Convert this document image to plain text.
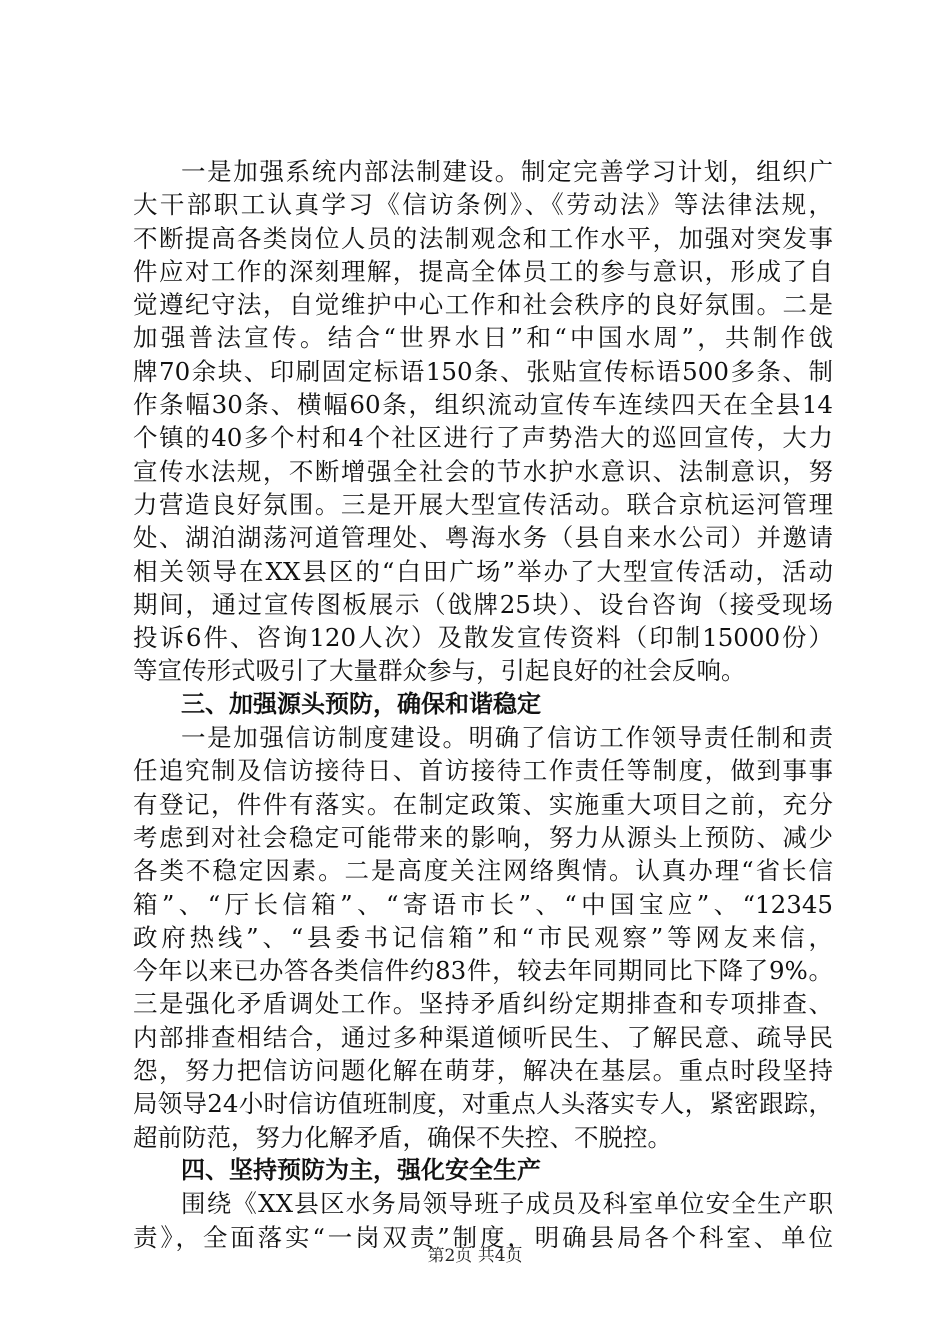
一是加强系统内部法制建设。制定完善学习计划，组织广
大干部职工认真学习《信访条例》、《劳动法》等法律法规，
不断提高各类岗位人员的法制观念和工作水平，加强对突发事
件应对工作的深刻理解，提高全体员工的参与意识，形成了自
觉遵纪守法，自觉维护中心工作和社会秩序的良好氛围。二是
加强普法宣传。结合“世界水日”和“中国水周”，共制作戗
牌70余块、印刷固定标语150条、张贴宣传标语500多条、制
作条幅30条、横幅60条，组织流动宣传车连续四天在全县14
个镇的40多个村和4个社区进行了声势浩大的巡回宣传，大力
宣传水法规，不断增强全社会的节水护水意识、法制意识，努
力营造良好氛围。三是开展大型宣传活动。联合京杭运河管理
处、湖泊湖荡河道管理处、粤海水务（县自来水公司）并邀请
相关领导在XX县区的“白田广场”举办了大型宣传活动，活动
期间，通过宣传图板展示（戗牌25块）、设台咨询（接受现场
投诉6件、咨询120人次）及散发宣传资料（印制15000份）
等宣传形式吸引了大量群众参与，引起良好的社会反响。
三、加强源头预防，确保和谐稳定
一是加强信访制度建设。明确了信访工作领导责任制和责
任追究制及信访接待日、首访接待工作责任等制度，做到事事
有登记，件件有落实。在制定政策、实施重大项目之前，充分
考虑到对社会稳定可能带来的影响，努力从源头上预防、减少
各类不稳定因素。二是高度关注网络舆情。认真办理“省长信
箱”、“厅长信箱”、“寄语市长”、“中国宝应”、“12345
政府热线”、“县委书记信箱”和“市民观察”等网友来信，
今年以来已办答各类信件约83件，较去年同期同比下降了9%。
三是强化矛盾调处工作。坚持矛盾纠纷定期排查和专项排查、
内部排查相结合，通过多种渠道倾听民生、了解民意、疏导民
怨，努力把信访问题化解在萌芽，解决在基层。重点时段坚持
局领导24小时信访值班制度，对重点人头落实专人，紧密跟踪，
超前防范，努力化解矛盾，确保不失控、不脱控。
四、坚持预防为主，强化安全生产
围绕《XX县区水务局领导班子成员及科室单位安全生产职
责》，全面落实“一岗双责”制度，明确县局各个科室、单位
第2页 共4页
